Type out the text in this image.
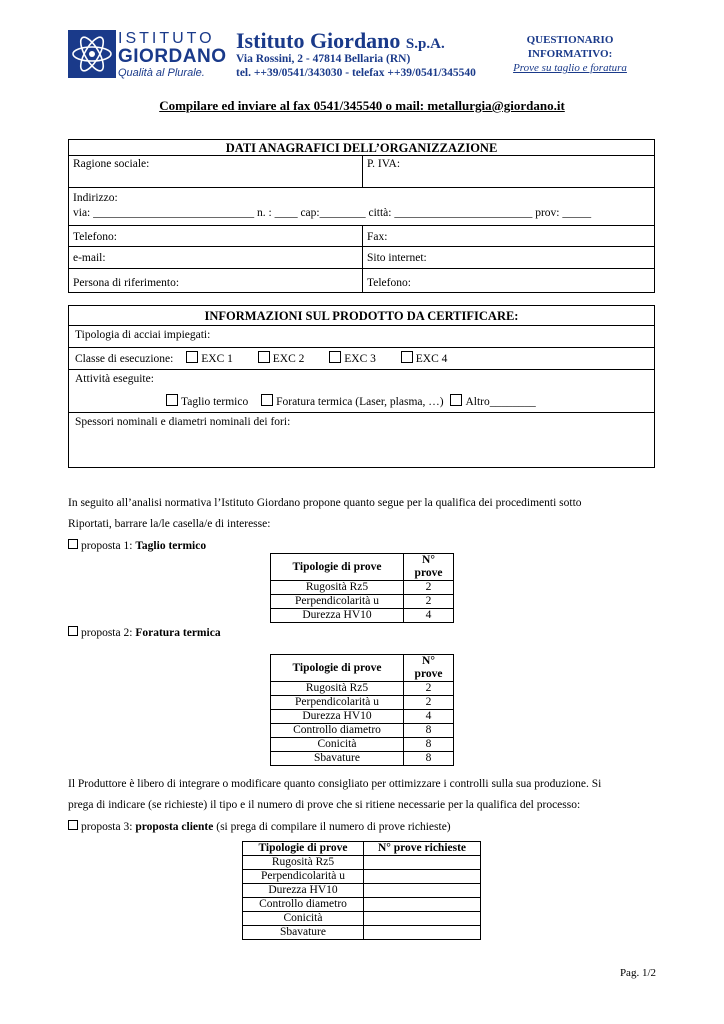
ISTITUTO
GIORDANO
Qualità al Plurale.
Istituto Giordano S.p.A.
Via Rossini, 2 - 47814 Bellaria (RN)
tel. ++39/0541/343030 - telefax ++39/0541/345540
QUESTIONARIO
INFORMATIVO:
Prove su taglio e foratura
Compilare ed inviare al fax 0541/345540 o mail: metallurgia@giordano.it
DATI ANAGRAFICI DELL’ORGANIZZAZIONE
Ragione sociale:	P. IVA:
Indirizzo:
via: ____________________________ n. : ____ cap:________ città: ________________________ prov: _____
Telefono:	Fax:
e-mail:	Sito internet:
Persona di riferimento:	Telefono:
INFORMAZIONI SUL PRODOTTO DA CERTIFICARE:
Tipologia di acciai impiegati:
Classe di esecuzione: EXC 1	EXC 2	EXC 3	EXC 4
Attività eseguite:
Taglio termico Foratura termica (Laser, plasma, …) Altro________
Spessori nominali e diametri nominali dei fori:

In seguito all’analisi normativa l’Istituto Giordano propone quanto segue per la qualifica dei procedimenti sotto

Riportati, barrare la/le casella/e di interesse:

proposta 1: Taglio termico

Tipologie di prove	N° prove
Rugosità Rz5	2
Perpendicolarità u	2
Durezza HV10	4

proposta 2: Foratura termica

Tipologie di prove	N° prove
Rugosità Rz5	2
Perpendicolarità u	2
Durezza HV10	4
Controllo diametro	8
Conicità	8
Sbavature	8

Il Produttore è libero di integrare o modificare quanto consigliato per ottimizzare i controlli sulla sua produzione. Si

prega di indicare (se richieste) il tipo e il numero di prove che si ritiene necessarie per la qualifica del processo:

proposta 3: proposta cliente (si prega di compilare il numero di prove richieste)

Tipologie di prove	N° prove richieste
Rugosità Rz5	
Perpendicolarità u	
Durezza HV10	
Controllo diametro	
Conicità	
Sbavature	
Pag. 1/2
